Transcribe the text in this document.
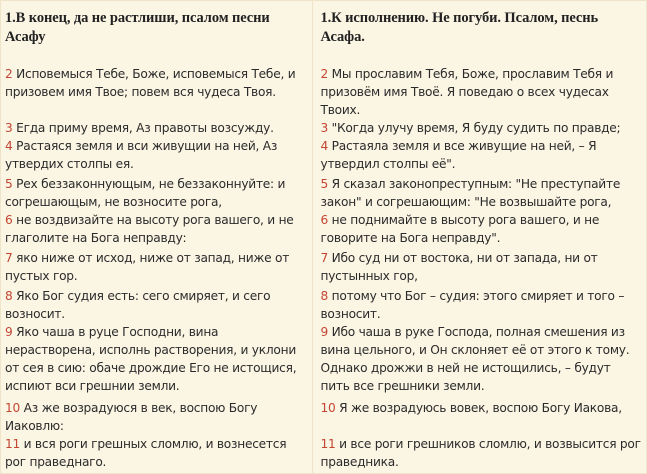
1.В конец, да не растлиши, псалом песни Асафу
2 Исповемыся Тебе, Боже, исповемыся Тебе, и призовем имя Твое; повем вся чудеса Твоя.
3 Егда приму время, Аз правоты возсужду.
4 Растаяся земля и вси живущии на ней, Аз утвердих столпы ея.
5 Рех беззаконнующым, не беззаконнуйте: и согрешающым, не возносите рога,
6 не воздвизайте на высоту рога вашего, и не глаголите на Бога неправду:
7 яко ниже от исход, ниже от запад, ниже от пустых гор.
8 Яко Бог судия есть: сего смиряет, и сего возносит.
9 Яко чаша в руце Господни, вина нерастворена, исполнь растворения, и уклони от сея в сию: обаче дрождие Его не истощися, испиют вси грешнии земли.
10 Аз же возрадуюся в век, воспою Богу Иаковлю:
11 и вся роги грешных сломлю, и вознесется рог праведнаго.

1.К исполнению. Не погуби. Псалом, песнь Асафа.
2 Мы прославим Тебя, Боже, прославим Тебя и призовём имя Твоё. Я поведаю о всех чудесах Твоих.
3 "Когда улучу время, Я буду судить по правде;
4 Растаяла земля и все живущие на ней, – Я утвердил столпы её".
5 Я сказал законопреступным: "Не преступайте закон" и согрешающим: "Не возвышайте рога,
6 не поднимайте в высоту рога вашего, и не говорите на Бога неправду".
7 Ибо суд ни от востока, ни от запада, ни от пустынных гор,
8 потому что Бог – судия: этого смиряет и того – возносит.
9 Ибо чаша в руке Господа, полная смешения из вина цельного, и Он склоняет её от этого к тому. Однако дрожжи в ней не истощились, – будут пить все грешники земли.
10 Я же возрадуюсь вовек, воспою Богу Иакова,
11 и все роги грешников сломлю, и возвысится рог праведника.
